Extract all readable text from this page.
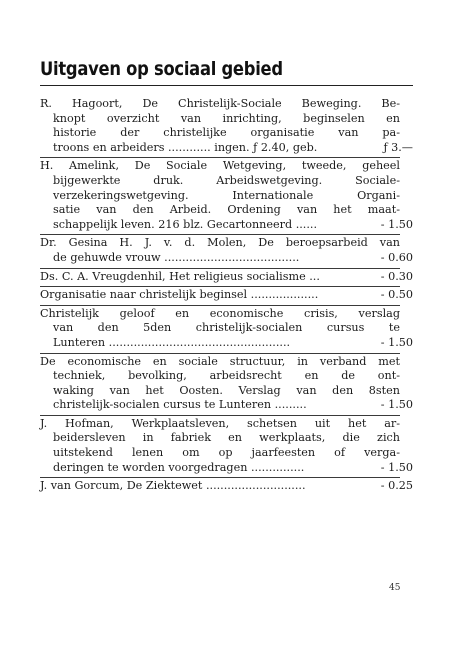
Uitgaven op sociaal gebied
R. Hagoort, De Christelijk-Sociale Beweging. Be-
knopt overzicht van inrichting, beginselen en
historie der christelijke organisatie van pa-
troons en arbeiders ............ ingen. ƒ 2.40, geb.	ƒ 3.—
H. Amelink, De Sociale Wetgeving, tweede, geheel
bijgewerkte druk. Arbeidswetgeving. Sociale-
verzekeringswetgeving. Internationale Organi-
satie van den Arbeid. Ordening van het maat-
schappelijk leven. 216 blz. Gecartonneerd ......	- 1.50
Dr. Gesina H. J. v. d. Molen, De beroepsarbeid van
de gehuwde vrouw ......................................	- 0.60
Ds. C. A. Vreugdenhil, Het religieus socialisme ...	- 0.30
Organisatie naar christelijk beginsel ...................	- 0.50
Christelijk geloof en economische crisis, verslag
van den 5den christelijk-socialen cursus te
Lunteren ...................................................	- 1.50
De economische en sociale structuur, in verband met
techniek, bevolking, arbeidsrecht en de ont-
waking van het Oosten. Verslag van den 8sten
christelijk-socialen cursus te Lunteren .........	- 1.50
J. Hofman, Werkplaatsleven, schetsen uit het ar-
beidersleven in fabriek en werkplaats, die zich
uitstekend lenen om op jaarfeesten of verga-
deringen te worden voorgedragen ...............	- 1.50
J. van Gorcum, De Ziektewet ............................	- 0.25
45
